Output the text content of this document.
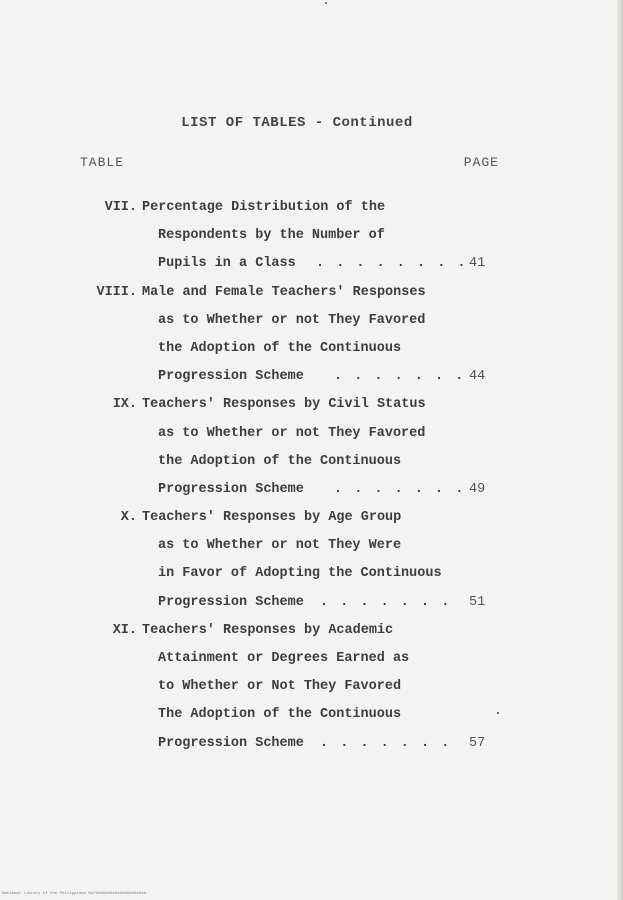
LIST OF TABLES - Continued
TABLE	PAGE

VII.

Percentage Distribution of the

Respondents by the Number of

Pupils in a Class

. . . . . . . .

41

VIII.

Male and Female Teachers' Responses

as to Whether or not They Favored

the Adoption of the Continuous

Progression Scheme

. . . . . . .

44

IX.

Teachers' Responses by Civil Status

as to Whether or not They Favored

the Adoption of the Continuous

Progression Scheme

. . . . . . .

49

X.

Teachers' Responses by Age Group

as to Whether or not They Were

in Favor of Adopting the Continuous

Progression Scheme

. . . . . . .

51

XI.

Teachers' Responses by Academic

Attainment or Degrees Earned as

to Whether or Not They Favored

The Adoption of the Continuous

Progression Scheme

. . . . . . .

57

National Library of the Philippines NLP#####################
